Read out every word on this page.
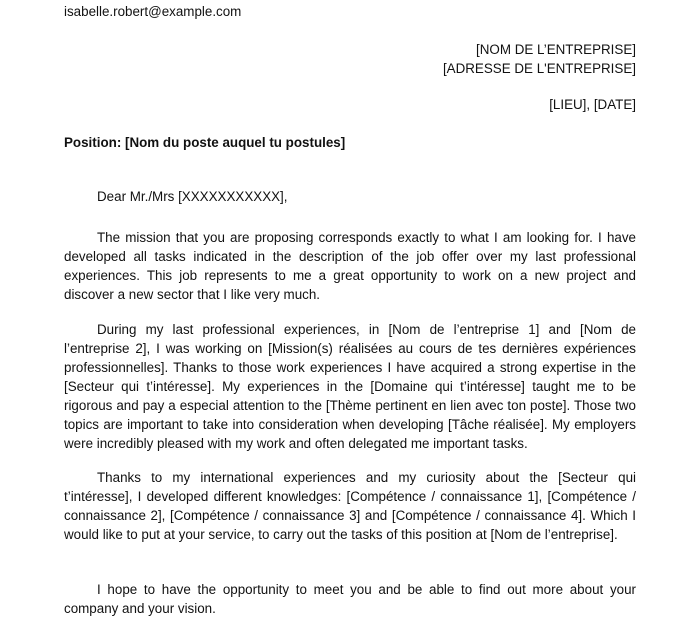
isabelle.robert@example.com
[NOM DE L’ENTREPRISE]
[ADRESSE DE L'ENTREPRISE]
[LIEU], [DATE]
Position: [Nom du poste auquel tu postules]
Dear Mr./Mrs [XXXXXXXXXXX],

The mission that you are proposing corresponds exactly to what I am looking for. I have developed all tasks indicated in the description of the job offer over my last professional experiences. This job represents to me a great opportunity to work on a new project and discover a new sector that I like very much.

During my last professional experiences, in [Nom de l’entreprise 1] and [Nom de l’entreprise 2], I was working on [Mission(s) réalisées au cours de tes dernières expériences professionnelles]. Thanks to those work experiences I have acquired a strong expertise in the [Secteur qui t’intéresse]. My experiences in the [Domaine qui t’intéresse] taught me to be rigorous and pay a especial attention to the [Thème pertinent en lien avec ton poste]. Those two topics are important to take into consideration when developing [Tâche réalisée]. My employers were incredibly pleased with my work and often delegated me important tasks.

Thanks to my international experiences and my curiosity about the [Secteur qui t’intéresse], I developed different knowledges: [Compétence / connaissance 1], [Compétence / connaissance 2], [Compétence / connaissance 3] and [Compétence / connaissance 4]. Which I would like to put at your service, to carry out the tasks of this position at [Nom de l’entreprise].

I hope to have the opportunity to meet you and be able to find out more about your company and your vision.
